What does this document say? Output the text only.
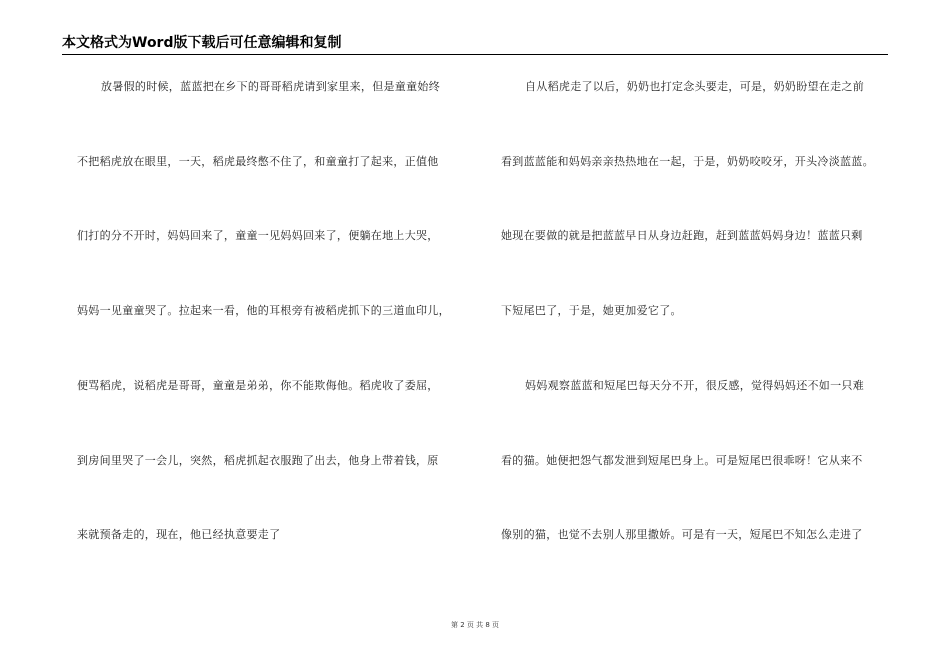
本文格式为Word版下载后可任意编辑和复制
放暑假的时候，蓝蓝把在乡下的哥哥稻虎请到家里来，但是童童始终
不把稻虎放在眼里，一天，稻虎最终憋不住了，和童童打了起来，正值他
们打的分不开时，妈妈回来了，童童一见妈妈回来了，便躺在地上大哭，
妈妈一见童童哭了。拉起来一看，他的耳根旁有被稻虎抓下的三道血印儿，
便骂稻虎，说稻虎是哥哥，童童是弟弟，你不能欺侮他。稻虎收了委屈，
到房间里哭了一会儿，突然，稻虎抓起衣服跑了出去，他身上带着钱，原
来就预备走的，现在，他已经执意要走了
自从稻虎走了以后，奶奶也打定念头要走，可是，奶奶盼望在走之前
看到蓝蓝能和妈妈亲亲热热地在一起，于是，奶奶咬咬牙，开头冷淡蓝蓝。
她现在要做的就是把蓝蓝早日从身边赶跑，赶到蓝蓝妈妈身边！蓝蓝只剩
下短尾巴了，于是，她更加爱它了。
妈妈观察蓝蓝和短尾巴每天分不开，很反感，觉得妈妈还不如一只难
看的猫。她便把怨气都发泄到短尾巴身上。可是短尾巴很乖呀！它从来不
像别的猫，也觉不去别人那里撒娇。可是有一天，短尾巴不知怎么走进了
第 2 页 共 8 页
